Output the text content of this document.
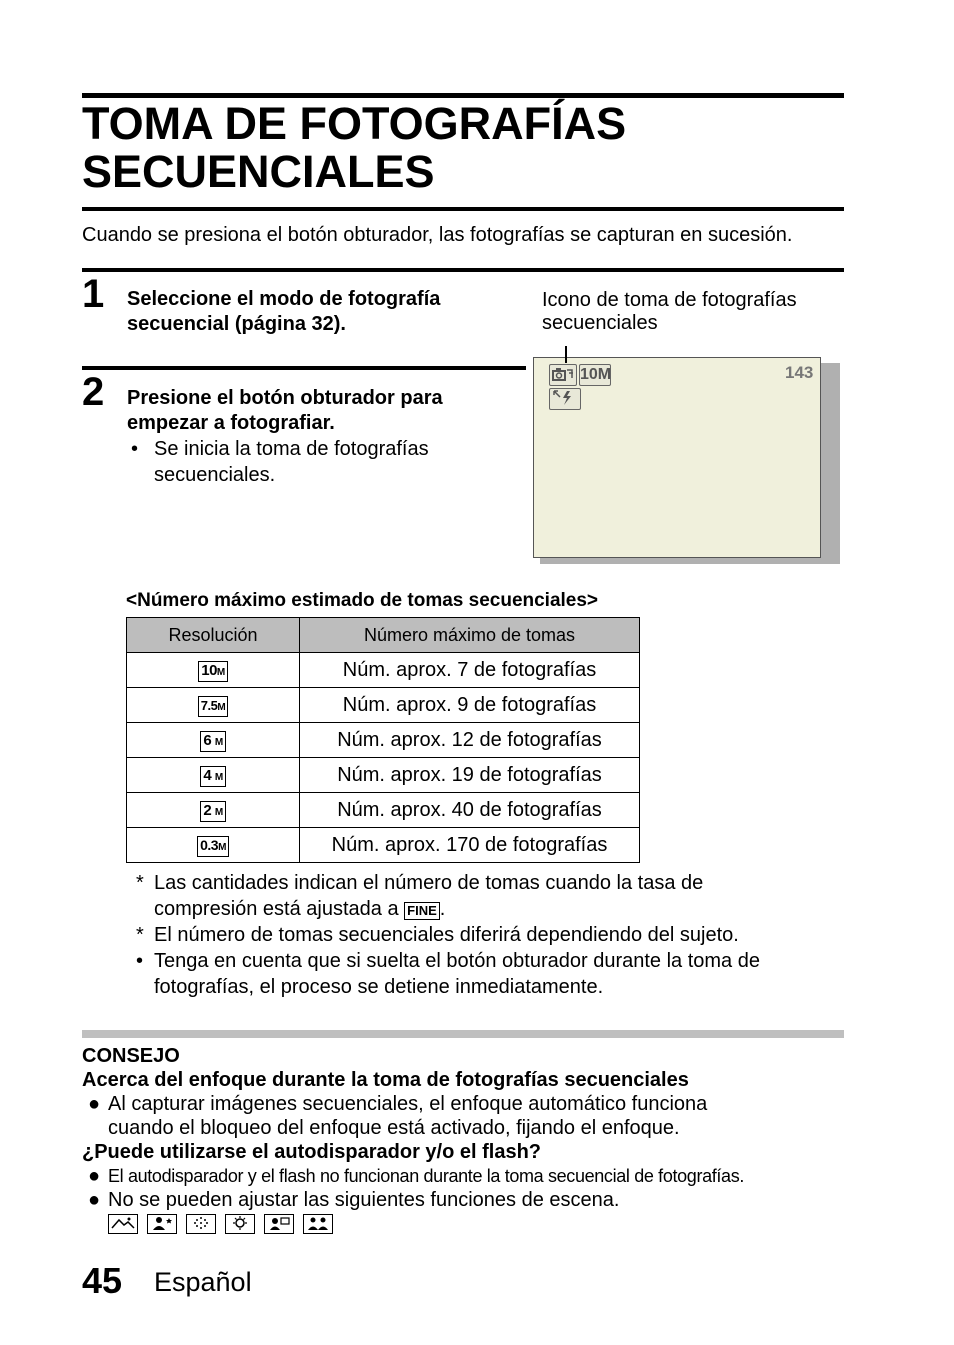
TOMA DE FOTOGRAFÍAS
SECUENCIALES
Cuando se presiona el botón obturador, las fotografías se capturan en sucesión.
1 Seleccione el modo de fotografía
secuencial (página 32).
2 Presione el botón obturador para
empezar a fotografiar.
• Se inicia la toma de fotografías
secuenciales.
Icono de toma de fotografías
secuenciales
10M	143
<Número máximo estimado de tomas secuenciales>
Resolución	Número máximo de tomas
10M	Núm. aprox. 7 de fotografías
7.5M	Núm. aprox. 9 de fotografías
6 M	Núm. aprox. 12 de fotografías
4 M	Núm. aprox. 19 de fotografías
2 M	Núm. aprox. 40 de fotografías
0.3M	Núm. aprox. 170 de fotografías
* Las cantidades indican el número de tomas cuando la tasa de
compresión está ajustada a FINE .
* El número de tomas secuenciales diferirá dependiendo del sujeto.
• Tenga en cuenta que si suelta el botón obturador durante la toma de
fotografías, el proceso se detiene inmediatamente.
CONSEJO
Acerca del enfoque durante la toma de fotografías secuenciales
● Al capturar imágenes secuenciales, el enfoque automático funciona
cuando el bloqueo del enfoque está activado, fijando el enfoque.
¿Puede utilizarse el autodisparador y/o el flash?
● El autodisparador y el flash no funcionan durante la toma secuencial de fotografías.
● No se pueden ajustar las siguientes funciones de escena.
45 Español
